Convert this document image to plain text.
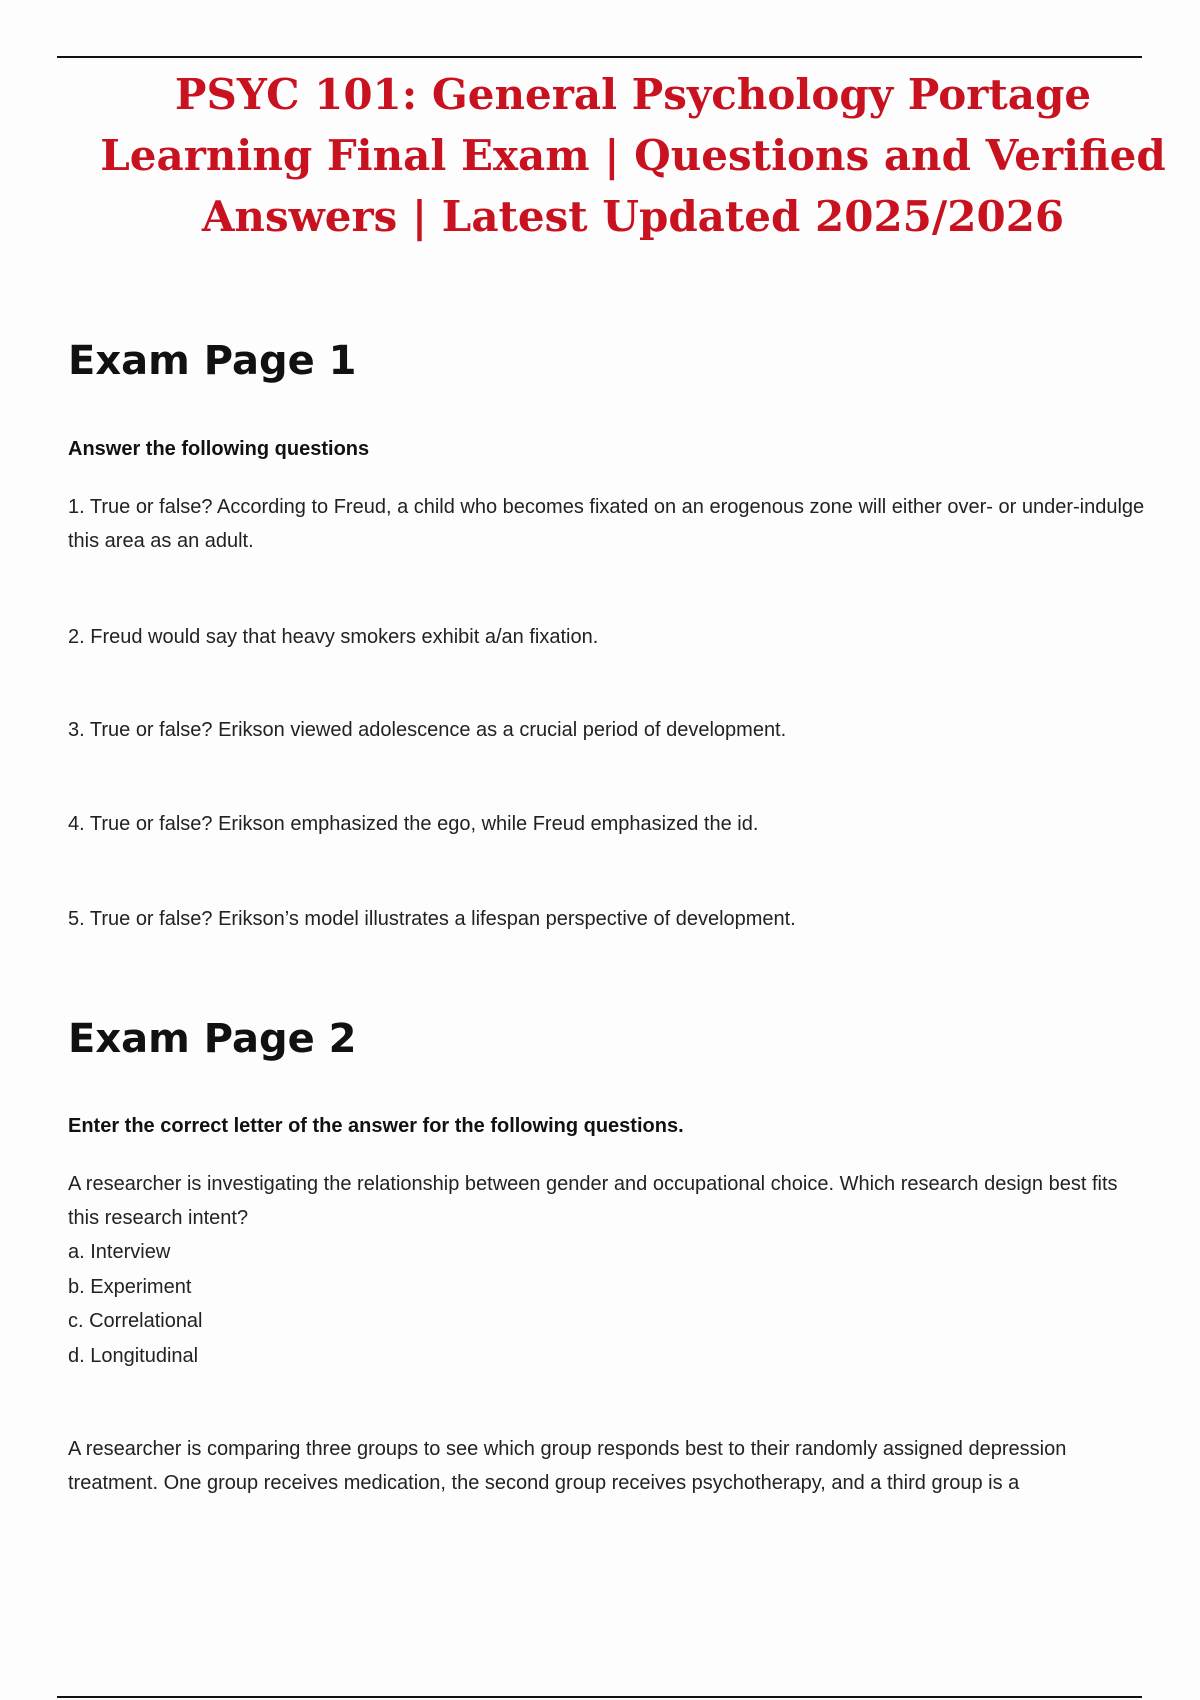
PSYC 101: General Psychology Portage Learning Final Exam | Questions and Verified Answers | Latest Updated 2025/2026
Exam Page 1

Answer the following questions

1. True or false? According to Freud, a child who becomes fixated on an erogenous zone will either over- or under-indulge this area as an adult.

2. Freud would say that heavy smokers exhibit a/an fixation.

3. True or false? Erikson viewed adolescence as a crucial period of development.

4. True or false? Erikson emphasized the ego, while Freud emphasized the id.

5. True or false? Erikson’s model illustrates a lifespan perspective of development.

Exam Page 2

Enter the correct letter of the answer for the following questions.

A researcher is investigating the relationship between gender and occupational choice. Which research design best fits this research intent?

a. Interview
b. Experiment
c. Correlational
d. Longitudinal

A researcher is comparing three groups to see which group responds best to their randomly assigned depression treatment. One group receives medication, the second group receives psychotherapy, and a third group is a
